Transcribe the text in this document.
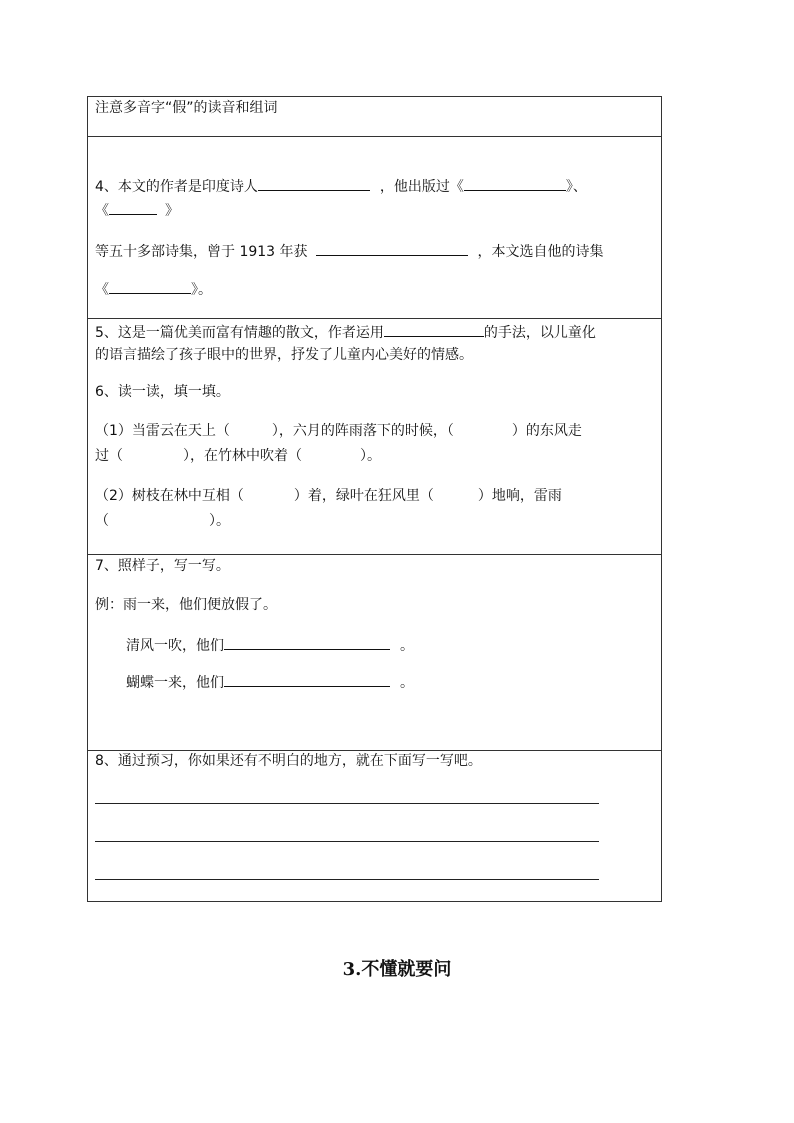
注意多音字“假”的读音和组词
4、本文的作者是印度诗人	，他出版过《	》、
《	》
等五十多部诗集，曾于 1913 年获	，本文选自他的诗集
《	》。
5、这是一篇优美而富有情趣的散文，作者运用	的手法，以儿童化
的语言描绘了孩子眼中的世界，抒发了儿童内心美好的情感。
6、读一读，填一填。
（1）当雷云在天上（	），六月的阵雨落下的时候，（	）的东风走
过（	），在竹林中吹着（	）。
（2）树枝在林中互相（	）着，绿叶在狂风里（	）地响，雷雨
（	）。
7、照样子，写一写。
例：雨一来，他们便放假了。
清风一吹，他们	。
蝴蝶一来，他们	。
8、通过预习，你如果还有不明白的地方，就在下面写一写吧。
3.不懂就要问
